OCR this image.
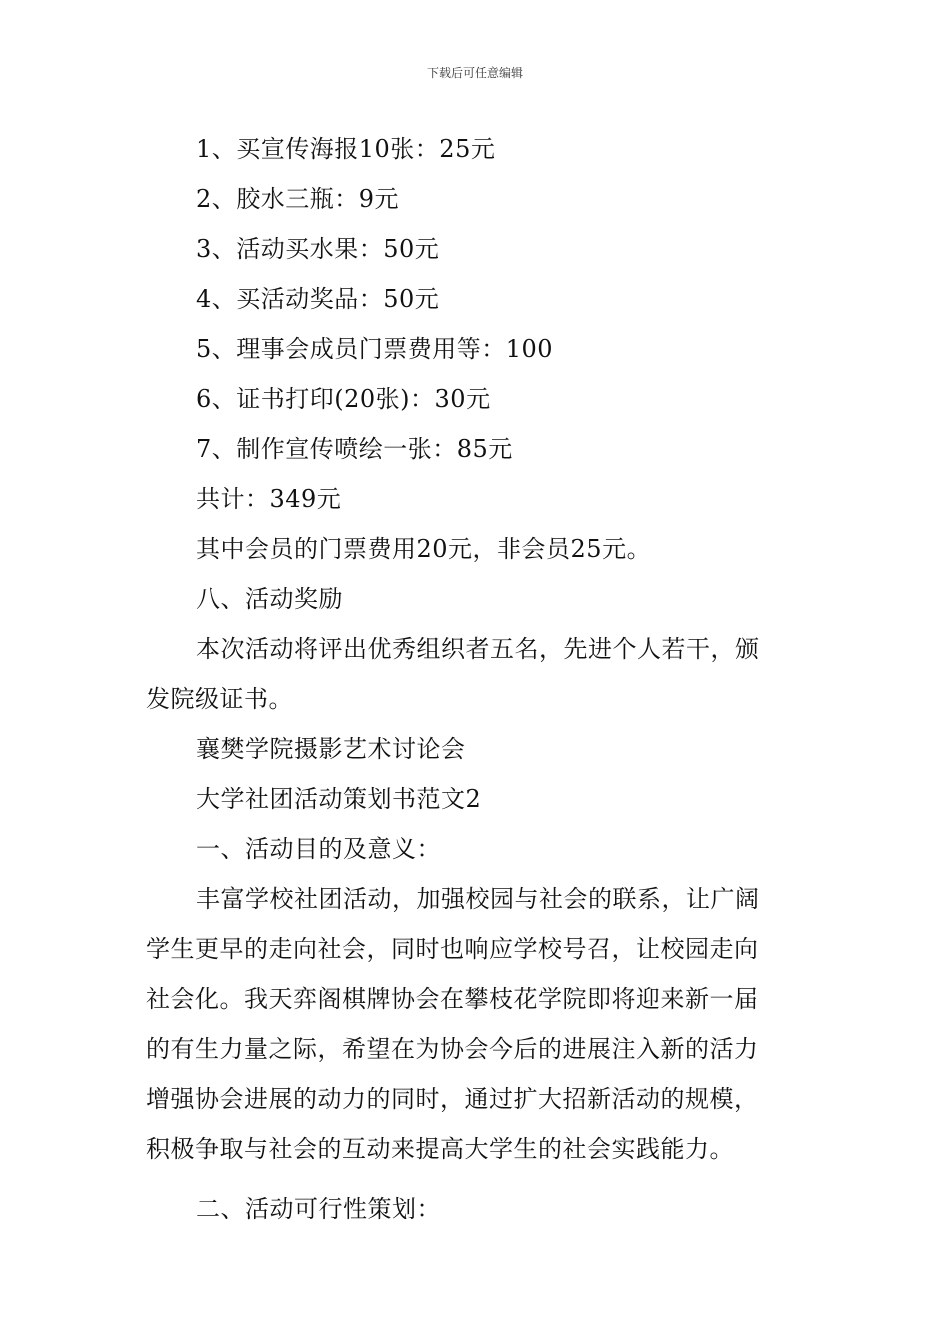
下载后可任意编辑

1、买宣传海报10张：25元

2、胶水三瓶：9元

3、活动买水果：50元

4、买活动奖品：50元

5、理事会成员门票费用等：100

6、证书打印(20张)：30元

7、制作宣传喷绘一张：85元

共计：349元

其中会员的门票费用20元，非会员25元。

八、活动奖励

本次活动将评出优秀组织者五名，先进个人若干，颁

发院级证书。

襄樊学院摄影艺术讨论会

大学社团活动策划书范文2

一、活动目的及意义：

丰富学校社团活动，加强校园与社会的联系，让广阔

学生更早的走向社会，同时也响应学校号召，让校园走向

社会化。我天弈阁棋牌协会在攀枝花学院即将迎来新一届

的有生力量之际，希望在为协会今后的进展注入新的活力

增强协会进展的动力的同时，通过扩大招新活动的规模，

积极争取与社会的互动来提高大学生的社会实践能力。

二、活动可行性策划：
